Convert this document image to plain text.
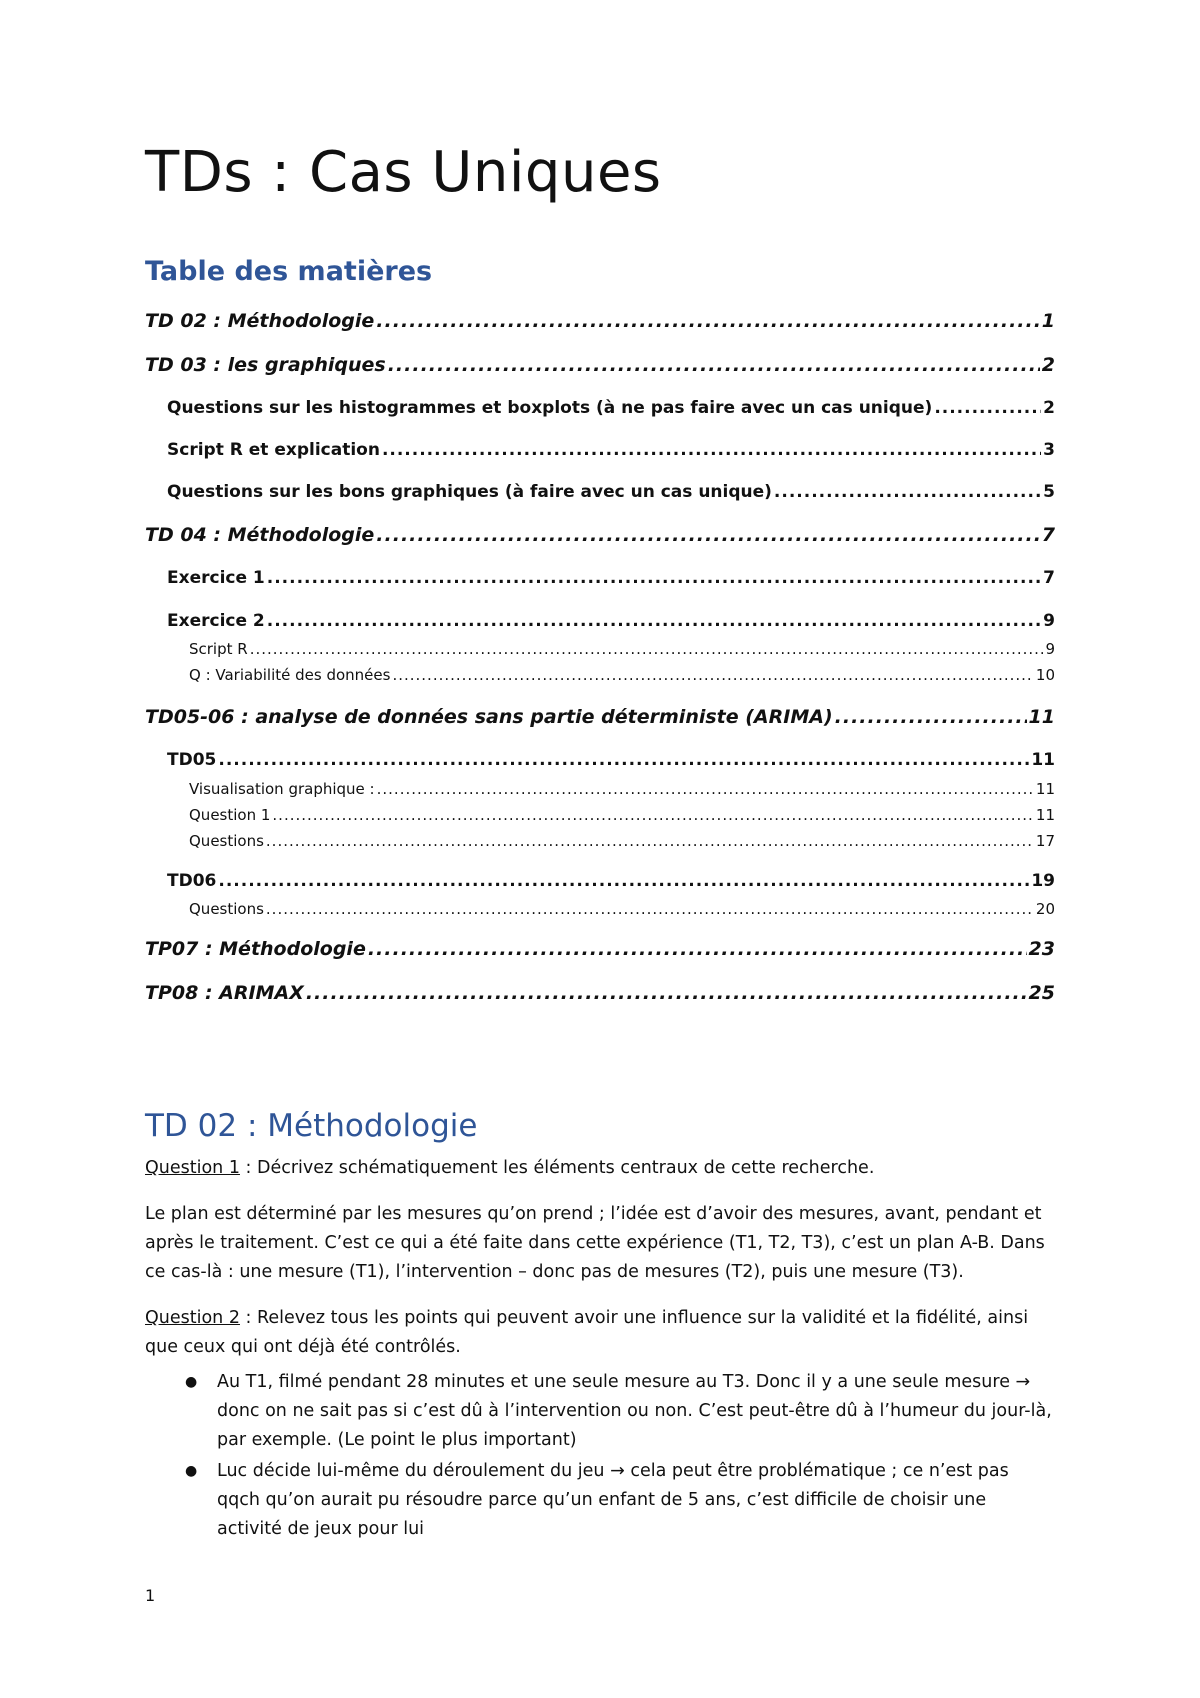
TDs : Cas Uniques
Table des matières
TD 02 : Méthodologie .....	1
TD 03 : les graphiques .....	2
Questions sur les histogrammes et boxplots (à ne pas faire avec un cas unique) .....	2
Script R et explication .....	3
Questions sur les bons graphiques (à faire avec un cas unique) .....	5
TD 04 : Méthodologie .....	7
Exercice 1 .....	7
Exercice 2 .....	9
Script R .....	9
Q : Variabilité des données .....	10
TD05-06 : analyse de données sans partie déterministe (ARIMA) .....	11
TD05 .....	11
Visualisation graphique : .....	11
Question 1 .....	11
Questions .....	17
TD06 .....	19
Questions .....	20
TP07 : Méthodologie .....	23
TP08 : ARIMAX .....	25
TD 02 : Méthodologie
Question 1 : Décrivez schématiquement les éléments centraux de cette recherche.
Le plan est déterminé par les mesures qu’on prend ; l’idée est d’avoir des mesures, avant, pendant et après le traitement. C’est ce qui a été faite dans cette expérience (T1, T2, T3), c’est un plan A-B. Dans ce cas-là : une mesure (T1), l’intervention – donc pas de mesures (T2), puis une mesure (T3).
Question 2 : Relevez tous les points qui peuvent avoir une influence sur la validité et la fidélité, ainsi que ceux qui ont déjà été contrôlés.
● Au T1, filmé pendant 28 minutes et une seule mesure au T3. Donc il y a une seule mesure → donc on ne sait pas si c’est dû à l’intervention ou non. C’est peut-être dû à l’humeur du jour-là, par exemple. (Le point le plus important)
● Luc décide lui-même du déroulement du jeu → cela peut être problématique ; ce n’est pas qqch qu’on aurait pu résoudre parce qu’un enfant de 5 ans, c’est difficile de choisir une activité de jeux pour lui
1
